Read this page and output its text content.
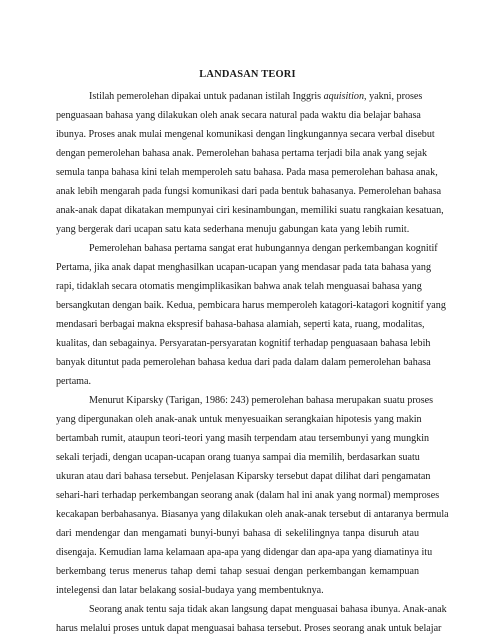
LANDASAN TEORI
Istilah pemerolehan dipakai untuk padanan istilah Inggris aquisition, yakni, proses
penguasaan bahasa yang dilakukan oleh anak secara natural pada waktu dia belajar bahasa
ibunya. Proses anak mulai mengenal komunikasi dengan lingkungannya secara verbal disebut
dengan pemerolehan bahasa anak. Pemerolehan bahasa pertama terjadi bila anak yang sejak
semula tanpa bahasa kini telah memperoleh satu bahasa. Pada masa pemerolehan bahasa anak,
anak lebih mengarah pada fungsi komunikasi dari pada bentuk bahasanya. Pemerolehan bahasa
anak-anak dapat dikatakan mempunyai ciri kesinambungan, memiliki suatu rangkaian kesatuan,
yang bergerak dari ucapan satu kata sederhana menuju gabungan kata yang lebih rumit.
Pemerolehan bahasa pertama sangat erat hubungannya dengan perkembangan kognitif
Pertama, jika anak dapat menghasilkan ucapan-ucapan yang mendasar pada tata bahasa yang
rapi, tidaklah secara otomatis mengimplikasikan bahwa anak telah menguasai bahasa yang
bersangkutan dengan baik. Kedua, pembicara harus memperoleh katagori-katagori kognitif yang
mendasari berbagai makna ekspresif bahasa-bahasa alamiah, seperti kata, ruang, modalitas,
kualitas, dan sebagainya. Persyaratan-persyaratan kognitif terhadap penguasaan bahasa lebih
banyak dituntut pada pemerolehan bahasa kedua dari pada dalam dalam pemerolehan bahasa
pertama.
Menurut Kiparsky (Tarigan, 1986: 243) pemerolehan bahasa merupakan suatu proses
yang dipergunakan oleh anak-anak untuk menyesuaikan serangkaian hipotesis yang makin
bertambah rumit, ataupun teori-teori yang masih terpendam atau tersembunyi yang mungkin
sekali terjadi, dengan ucapan-ucapan orang tuanya sampai dia memilih, berdasarkan suatu
ukuran atau dari bahasa tersebut. Penjelasan Kiparsky tersebut dapat dilihat dari pengamatan
sehari-hari terhadap perkembangan seorang anak (dalam hal ini anak yang normal) memproses
kecakapan berbahasanya. Biasanya yang dilakukan oleh anak-anak tersebut di antaranya bermula
dari mendengar dan mengamati bunyi-bunyi bahasa di sekelilingnya tanpa disuruh atau
disengaja. Kemudian lama kelamaan apa-apa yang didengar dan apa-apa yang diamatinya itu
berkembang terus menerus tahap demi tahap sesuai dengan perkembangan kemampuan
intelegensi dan latar belakang sosial-budaya yang membentuknya.
Seorang anak tentu saja tidak akan langsung dapat menguasai bahasa ibunya. Anak-anak
harus melalui proses untuk dapat menguasai bahasa tersebut. Proses seorang anak untuk belajar
